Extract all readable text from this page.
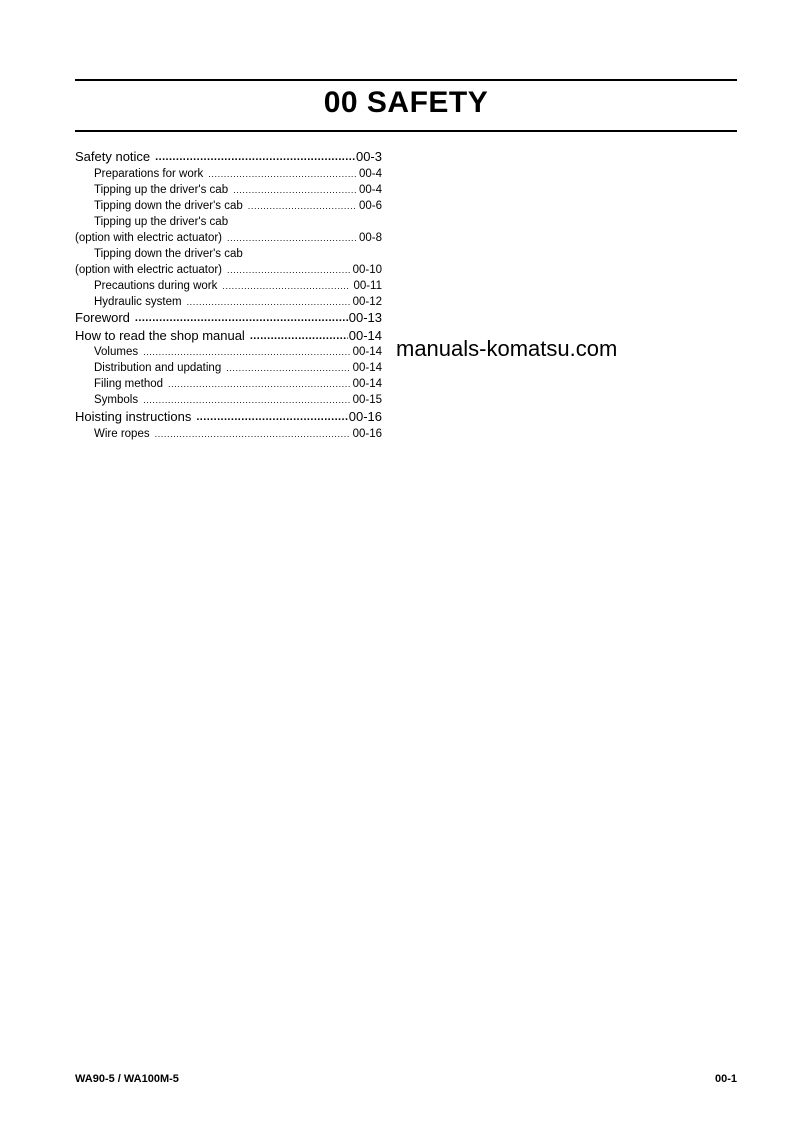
00 SAFETY
Safety notice .....	00-3
Preparations for work .....	00-4
Tipping up the driver's cab .....	00-4
Tipping down the driver's cab .....	00-6
Tipping up the driver's cab
(option with electric actuator) .....	00-8
Tipping down the driver's cab
(option with electric actuator) .....	00-10
Precautions during work .....	00-11
Hydraulic system .....	00-12
Foreword .....	00-13
How to read the shop manual .....	00-14
Volumes .....	00-14
Distribution and updating .....	00-14
Filing method .....	00-14
Symbols .....	00-15
Hoisting instructions .....	00-16
Wire ropes .....	00-16
manuals-komatsu.com
WA90-5 / WA100M-5	00-1
